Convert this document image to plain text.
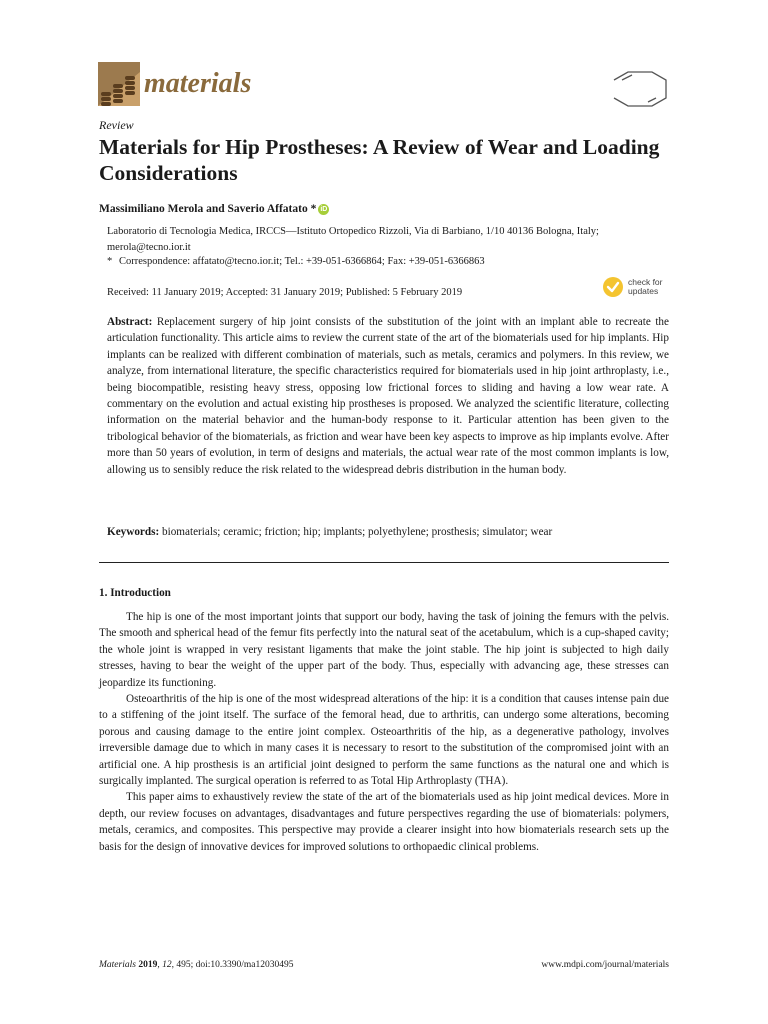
materials
Review
Materials for Hip Prostheses: A Review of Wear and Loading Considerations
Massimiliano Merola and Saverio Affatato * iD
Laboratorio di Tecnologia Medica, IRCCS—Istituto Ortopedico Rizzoli, Via di Barbiano, 1/10 40136 Bologna, Italy; merola@tecno.ior.it
* Correspondence: affatato@tecno.ior.it; Tel.: +39-051-6366864; Fax: +39-051-6366863
Received: 11 January 2019; Accepted: 31 January 2019; Published: 5 February 2019
check for updates

Abstract: Replacement surgery of hip joint consists of the substitution of the joint with an implant able to recreate the articulation functionality. This article aims to review the current state of the art of the biomaterials used for hip implants. Hip implants can be realized with different combination of materials, such as metals, ceramics and polymers. In this review, we analyze, from international literature, the specific characteristics required for biomaterials used in hip joint arthroplasty, i.e., being biocompatible, resisting heavy stress, opposing low frictional forces to sliding and having a low wear rate. A commentary on the evolution and actual existing hip prostheses is proposed. We analyzed the scientific literature, collecting information on the material behavior and the human-body response to it. Particular attention has been given to the tribological behavior of the biomaterials, as friction and wear have been key aspects to improve as hip implants evolve. After more than 50 years of evolution, in term of designs and materials, the actual wear rate of the most common implants is low, allowing us to sensibly reduce the risk related to the widespread debris distribution in the human body.

Keywords: biomaterials; ceramic; friction; hip; implants; polyethylene; prosthesis; simulator; wear
1. Introduction

The hip is one of the most important joints that support our body, having the task of joining the femurs with the pelvis. The smooth and spherical head of the femur fits perfectly into the natural seat of the acetabulum, which is a cup-shaped cavity; the whole joint is wrapped in very resistant ligaments that make the joint stable. The hip joint is subjected to high daily stresses, having to bear the weight of the upper part of the body. Thus, especially with advancing age, these stresses can jeopardize its functioning.

Osteoarthritis of the hip is one of the most widespread alterations of the hip: it is a condition that causes intense pain due to a stiffening of the joint itself. The surface of the femoral head, due to arthritis, can undergo some alterations, becoming porous and causing damage to the entire joint complex. Osteoarthritis of the hip, as a degenerative pathology, involves irreversible damage due to which in many cases it is necessary to resort to the substitution of the compromised joint with an artificial one. A hip prosthesis is an artificial joint designed to perform the same functions as the natural one and which is surgically implanted. The surgical operation is referred to as Total Hip Arthroplasty (THA).

This paper aims to exhaustively review the state of the art of the biomaterials used as hip joint medical devices. More in depth, our review focuses on advantages, disadvantages and future perspectives regarding the use of biomaterials: polymers, metals, ceramics, and composites. This perspective may provide a clearer insight into how biomaterials research sets up the basis for the design of innovative devices for improved solutions to orthopaedic clinical problems.

Materials 2019, 12, 495; doi:10.3390/ma12030495	www.mdpi.com/journal/materials
